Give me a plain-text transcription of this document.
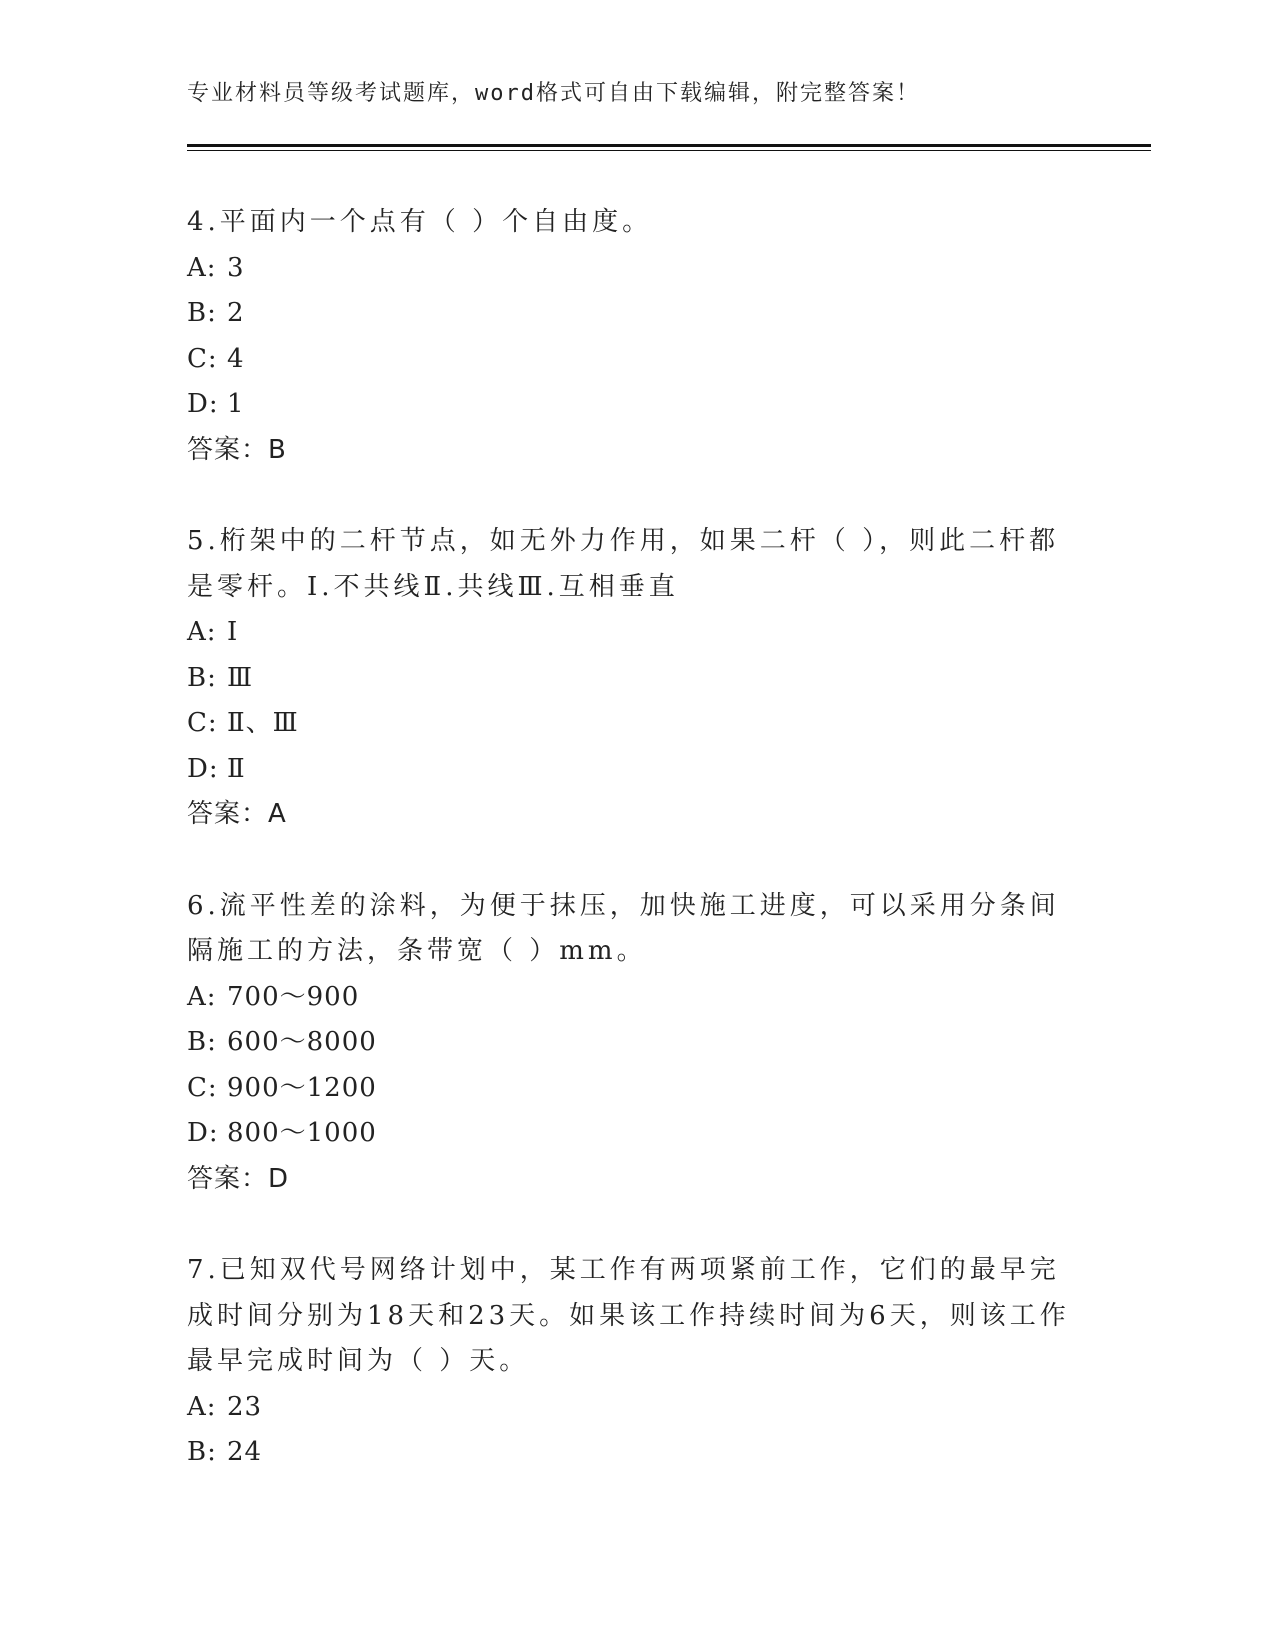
专业材料员等级考试题库，word格式可自由下载编辑，附完整答案！

4.平面内一个点有（ ）个自由度。

A: 3

B: 2

C: 4

D: 1

答案：B

5.桁架中的二杆节点，如无外力作用，如果二杆（ ），则此二杆都是零杆。I.不共线Ⅱ.共线Ⅲ.互相垂直

A: Ⅰ

B: Ⅲ

C: Ⅱ、Ⅲ

D: Ⅱ

答案：A

6.流平性差的涂料，为便于抹压，加快施工进度，可以采用分条间隔施工的方法，条带宽（ ）mm。

A: 700～900

B: 600～8000

C: 900～1200

D: 800～1000

答案：D

7.已知双代号网络计划中，某工作有两项紧前工作，它们的最早完成时间分别为18天和23天。如果该工作持续时间为6天，则该工作最早完成时间为（ ）天。

A: 23

B: 24
